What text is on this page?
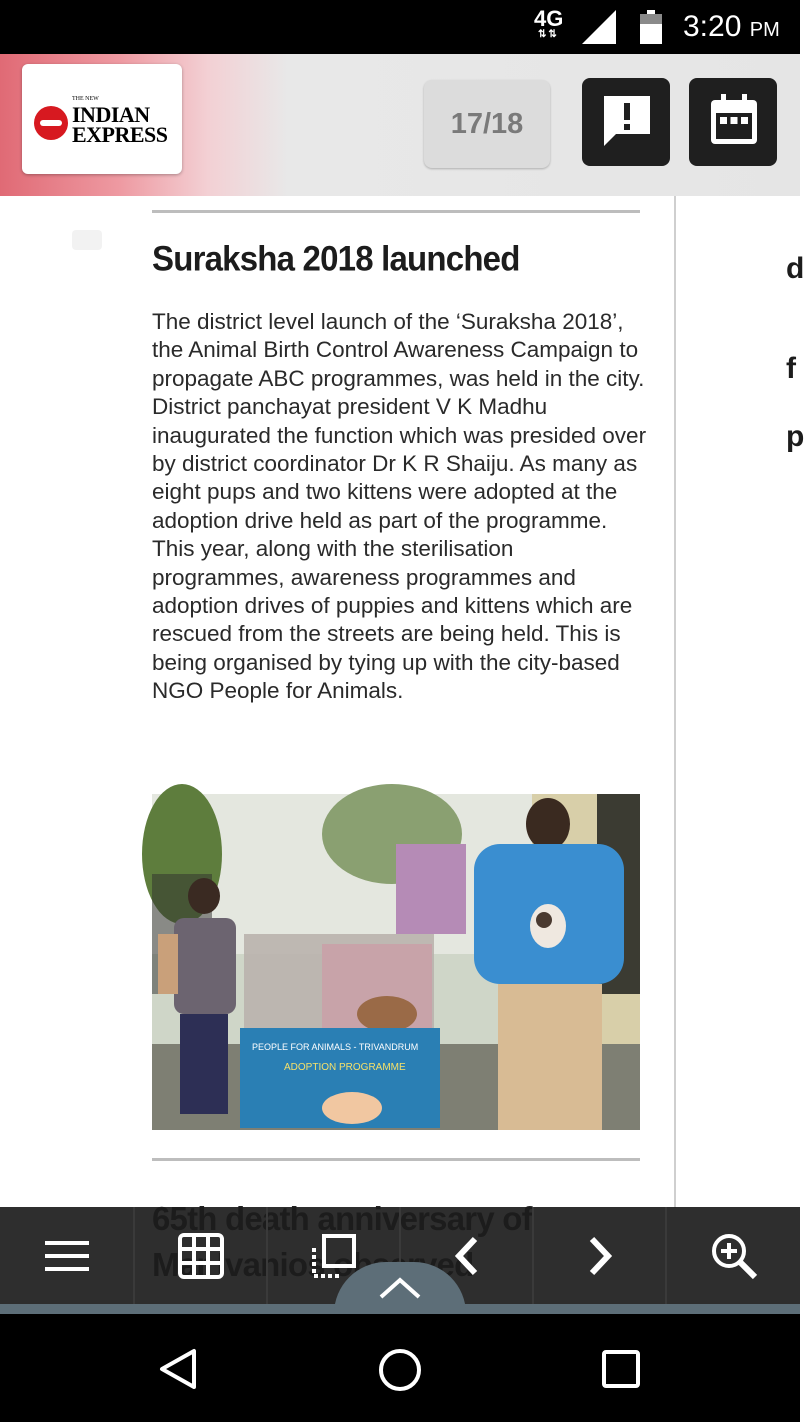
4G
⇅⇅	3:20 PM
THE NEW
INDIAN
EXPRESS	17/18
Suraksha 2018 launched
The district level launch of the ‘Suraksha 2018’, the Animal Birth Control Awareness Campaign to propagate ABC programmes, was held in the city. District panchayat president V K Madhu inaugurated the function which was presided over by district coordinator Dr K R Shaiju. As many as eight pups and two kittens were adopted at the adoption drive held as part of the programme. This year, along with the sterilisation programmes, awareness programmes and adoption drives of puppies and kittens which are rescued from the streets are being held. This is being organised by tying up with the city-based NGO People for Animals.
PEOPLE FOR ANIMALS - TRIVANDRUM
ADOPTION PROGRAMME
d
f
p
